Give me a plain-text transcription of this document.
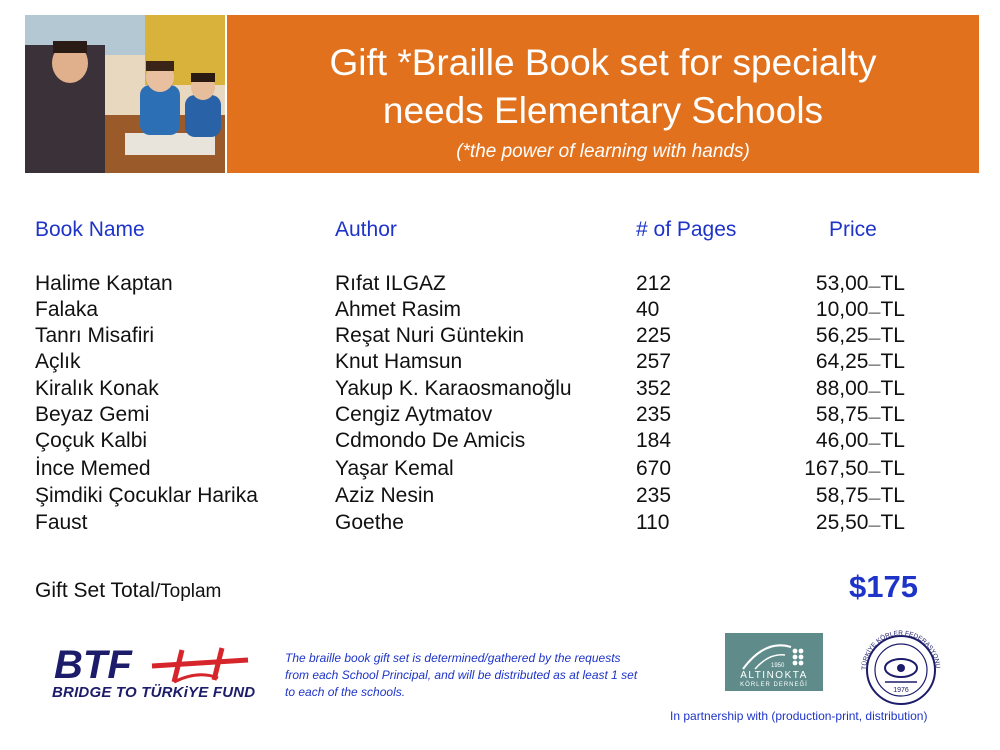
Gift *Braille Book set for specialty
needs Elementary Schools
(*the power of learning with hands)
Book Name	Author	# of Pages	Price
Halime Kaptan	Rıfat ILGAZ	212	53,00—TL
Falaka	Ahmet Rasim	40	10,00—TL
Tanrı Misafiri	Reşat Nuri Güntekin	225	56,25—TL
Açlık	Knut Hamsun	257	64,25—TL
Kiralık Konak	Yakup K. Karaosmanoğlu	352	88,00—TL
Beyaz Gemi	Cengiz Aytmatov	235	58,75—TL
Çoçuk Kalbi	Cdmondo De Amicis	184	46,00—TL
İnce Memed	Yaşar Kemal	670	167,50—TL
Şimdiki Çocuklar Harika	Aziz Nesin	235	58,75—TL
Faust	Goethe	110	25,50—TL
Gift Set Total/Toplam	$175
BTF
BRIDGE TO TÜRKiYE FUND
The braille book gift set is determined/gathered by the requests from each School Principal, and will be distributed as at least 1 set to each of the schools.
1950
ALTINOKTA
KÖRLER DERNEĞİ
TÜRKİYE KÖRLER FEDERASYONU
1976
In partnership with (production-print, distribution)
